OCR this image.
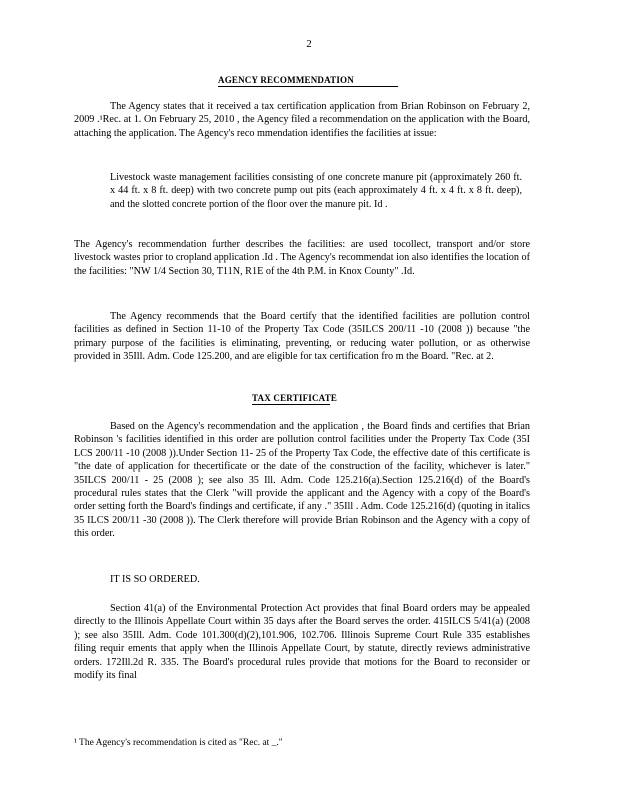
2
AGENCY RECOMMENDATION
The Agency states that it received a tax certification application from Brian Robinson on February 2, 2009 .¹Rec. at 1. On February 25, 2010 , the Agency filed a recommendation on the application with the Board, attaching the application. The Agency's reco mmendation identifies the facilities at issue:
Livestock waste management facilities consisting of one concrete manure pit (approximately 260 ft. x 44 ft. x 8 ft. deep) with two concrete pump out pits (each approximately 4 ft. x 4 ft. x 8 ft. deep), and the slotted concrete portion of the floor over the manure pit. Id .
The Agency's recommendation further describes the facilities: are used tocollect, transport and/or store livestock wastes prior to cropland application .Id . The Agency's recommendat ion also identifies the location of the facilities: "NW 1/4 Section 30, T11N, R1E of the 4th P.M. in Knox County" .Id.
The Agency recommends that the Board certify that the identified facilities are pollution control facilities as defined in Section 11-10 of the Property Tax Code (35ILCS 200/11 -10 (2008 )) because "the primary purpose of the facilities is eliminating, preventing, or reducing water pollution, or as otherwise provided in 35Ill. Adm. Code 125.200, and are eligible for tax certification fro m the Board. "Rec. at 2.
TAX CERTIFICATE
Based on the Agency's recommendation and the application , the Board finds and certifies that Brian Robinson 's facilities identified in this order are pollution control facilities under the Property Tax Code (35I LCS 200/11 -10 (2008 )).Under Section 11- 25 of the Property Tax Code, the effective date of this certificate is "the date of application for thecertificate or the date of the construction of the facility, whichever is later." 35ILCS 200/11 - 25 (2008 ); see also 35 Ill. Adm. Code 125.216(a).Section 125.216(d) of the Board's procedural rules states that the Clerk "will provide the applicant and the Agency with a copy of the Board's order setting forth the Board's findings and certificate, if any ." 35Ill . Adm. Code 125.216(d) (quoting in italics 35 ILCS 200/11 -30 (2008 )). The Clerk therefore will provide Brian Robinson and the Agency with a copy of this order.
IT IS SO ORDERED.
Section 41(a) of the Environmental Protection Act provides that final Board orders may be appealed directly to the Illinois Appellate Court within 35 days after the Board serves the order. 415ILCS 5/41(a) (2008 ); see also 35Ill. Adm. Code 101.300(d)(2),101.906, 102.706. Illinois Supreme Court Rule 335 establishes filing requir ements that apply when the Illinois Appellate Court, by statute, directly reviews administrative orders. 172Ill.2d R. 335. The Board's procedural rules provide that motions for the Board to reconsider or modify its final
¹ The Agency's recommendation is cited as "Rec. at _."
